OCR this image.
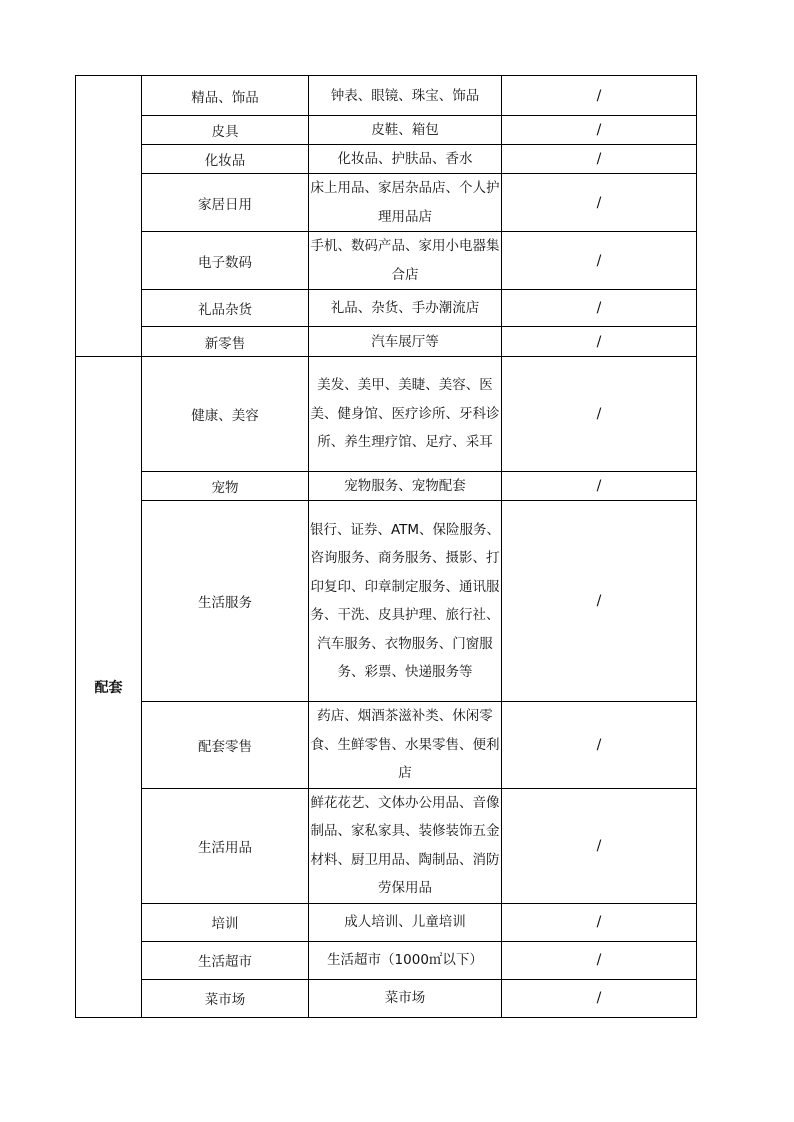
	精品、饰品	钟表、眼镜、珠宝、饰品	/
	皮具	皮鞋、箱包	/
	化妆品	化妆品、护肤品、香水	/
	家居日用	床上用品、家居杂品店、个人护理用品店	/
	电子数码	手机、数码产品、家用小电器集合店	/
	礼品杂货	礼品、杂货、手办潮流店	/
	新零售	汽车展厅等	/
配套	健康、美容	美发、美甲、美睫、美容、医美、健身馆、医疗诊所、牙科诊所、养生理疗馆、足疗、采耳	/
	宠物	宠物服务、宠物配套	/
	生活服务	银行、证券、ATM、保险服务、咨询服务、商务服务、摄影、打印复印、印章制定服务、通讯服务、干洗、皮具护理、旅行社、汽车服务、衣物服务、门窗服务、彩票、快递服务等	/
	配套零售	药店、烟酒茶滋补类、休闲零食、生鲜零售、水果零售、便利店	/
	生活用品	鲜花花艺、文体办公用品、音像制品、家私家具、装修装饰五金材料、厨卫用品、陶制品、消防劳保用品	/
	培训	成人培训、儿童培训	/
	生活超市	生活超市（1000㎡以下）	/
	菜市场	菜市场	/
